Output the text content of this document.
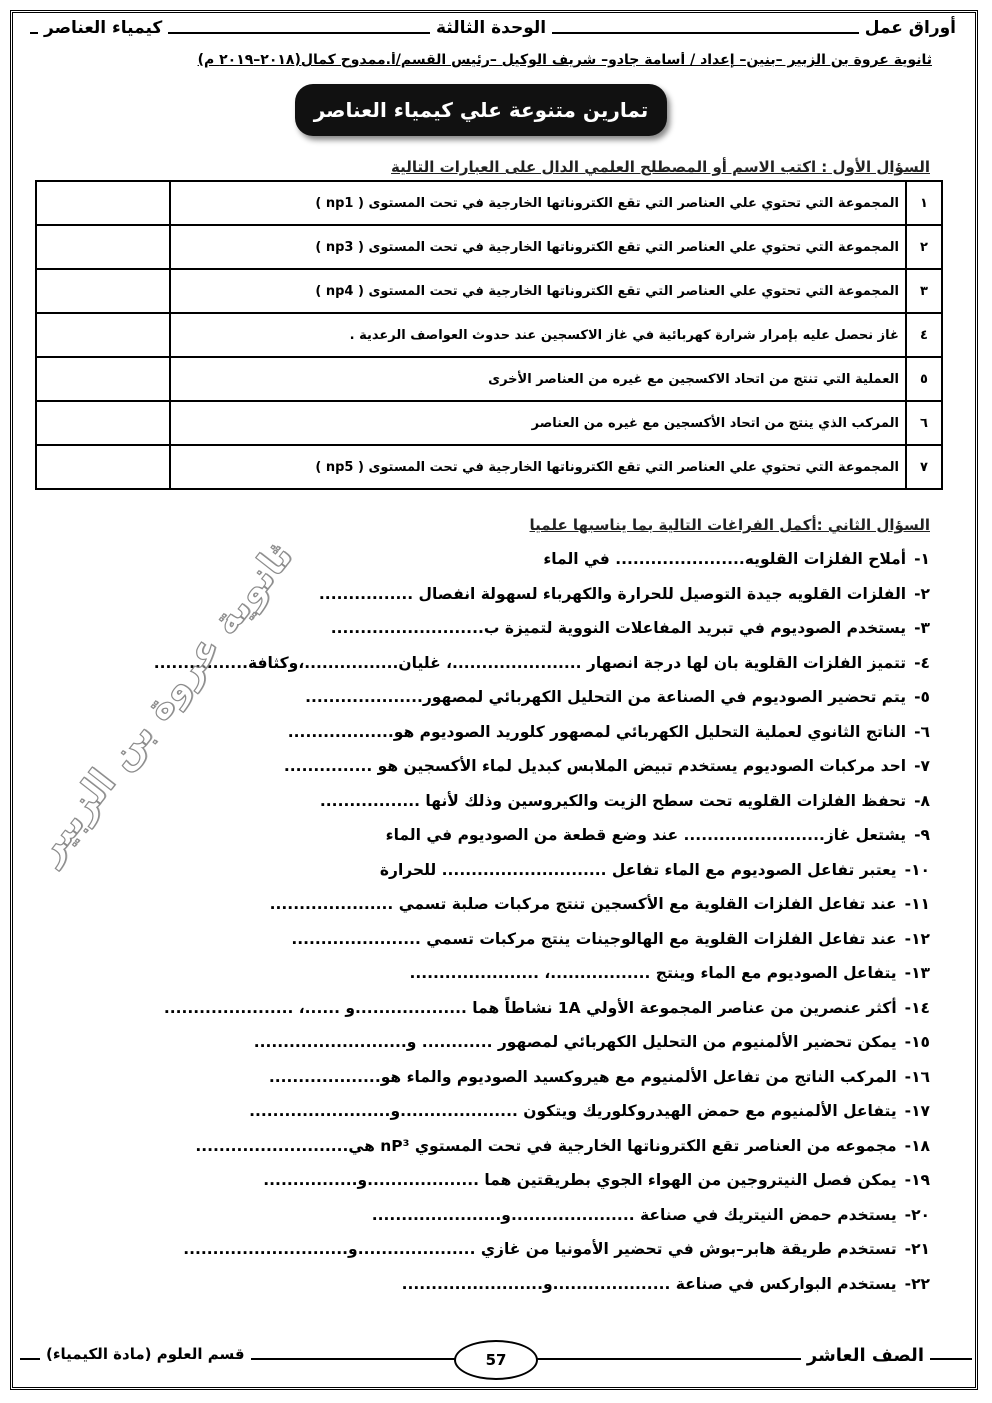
كيمياء العناصر	الوحدة الثالثة	أوراق عمل
ثانوية عروة بن الزبير –بنين– إعداد / أسامة جادو– شريف الوكيل –رئيس القسم/أ.ممدوح كمال(٢٠١٨–٢٠١٩ م)
تمارين متنوعة علي كيمياء العناصر
السؤال الأول : اكتب الاسم أو المصطلح العلمي الدال على العبارات التالية
١	المجموعة التي تحتوي علي العناصر التي تقع الكتروناتها الخارجية في تحت المستوى ( np1 )	
٢	المجموعة التي تحتوي علي العناصر التي تقع الكتروناتها الخارجية في تحت المستوى ( np3 )	
٣	المجموعة التي تحتوي علي العناصر التي تقع الكتروناتها الخارجية في تحت المستوى ( np4 )	
٤	غاز نحصل عليه بإمرار شرارة كهربائية في غاز الاكسجين عند حدوث العواصف الرعدية .	
٥	العملية التي تنتج من اتحاد الاكسجين مع غيره من العناصر الأخرى	
٦	المركب الذي ينتج من اتحاد الأكسجين مع غيره من العناصر	
٧	المجموعة التي تحتوي علي العناصر التي تقع الكتروناتها الخارجية في تحت المستوى ( np5 )	
السؤال الثاني :أكمل الفراغات التالية بما يناسبها علميا
١-أملاح الفلزات القلويه...................... في الماء
٢-الفلزات القلويه جيدة التوصيل للحرارة والكهرباء لسهولة انفصال ................
٣-يستخدم الصوديوم في تبريد المفاعلات النووية لتميزة ب..........................
٤-تتميز الفلزات القلوية بان لها درجة انصهار ......................، غليان................،وكثافة................
٥-يتم تحضير الصوديوم في الصناعة من التحليل الكهربائي لمصهور....................
٦-الناتج الثانوي لعملية التحليل الكهربائي لمصهور كلوريد الصوديوم هو..................
٧-احد مركبات الصوديوم يستخدم تبيض الملابس كبديل لماء الأكسجين هو ...............
٨-تحفظ الفلزات القلويه تحت سطح الزيت والكيروسين وذلك لأنها .................
٩-يشتعل غاز........................ عند وضع قطعة من الصوديوم في الماء
١٠-يعتبر تفاعل الصوديوم مع الماء تفاعل ............................ للحرارة
١١-عند تفاعل الفلزات القلوية مع الأكسجين تنتج مركبات صلبة تسمي .....................
١٢-عند تفاعل الفلزات القلوية مع الهالوجينات ينتج مركبات تسمي ......................
١٣-يتفاعل الصوديوم مع الماء وينتج .................، ......................
١٤-أكثر عنصرين من عناصر المجموعة الأولي 1A نشاطاً هما ...................و ......، ......................
١٥-يمكن تحضير الألمنيوم من التحليل الكهربائي لمصهور ............ و..........................
١٦-المركب الناتج من تفاعل الألمنيوم مع هيروكسيد الصوديوم والماء هو...................
١٧-يتفاعل الألمنيوم مع حمض الهيدروكلوريك ويتكون ....................و........................
١٨-مجموعه من العناصر تقع الكتروناتها الخارجية في تحت المستوي nP³ هي..........................
١٩-يمكن فصل النيتروجين من الهواء الجوي بطريقتين هما ...................و................
٢٠-يستخدم حمض النيتريك في صناعة .....................و......................
٢١-تستخدم طريقة هابر–بوش في تحضير الأمونيا من غازي ....................و............................
٢٢-يستخدم البواركس في صناعة ....................و........................
ثانوية عروة بن الزبير
قسم العلوم (مادة الكيمياء)	الصف العاشر
57
